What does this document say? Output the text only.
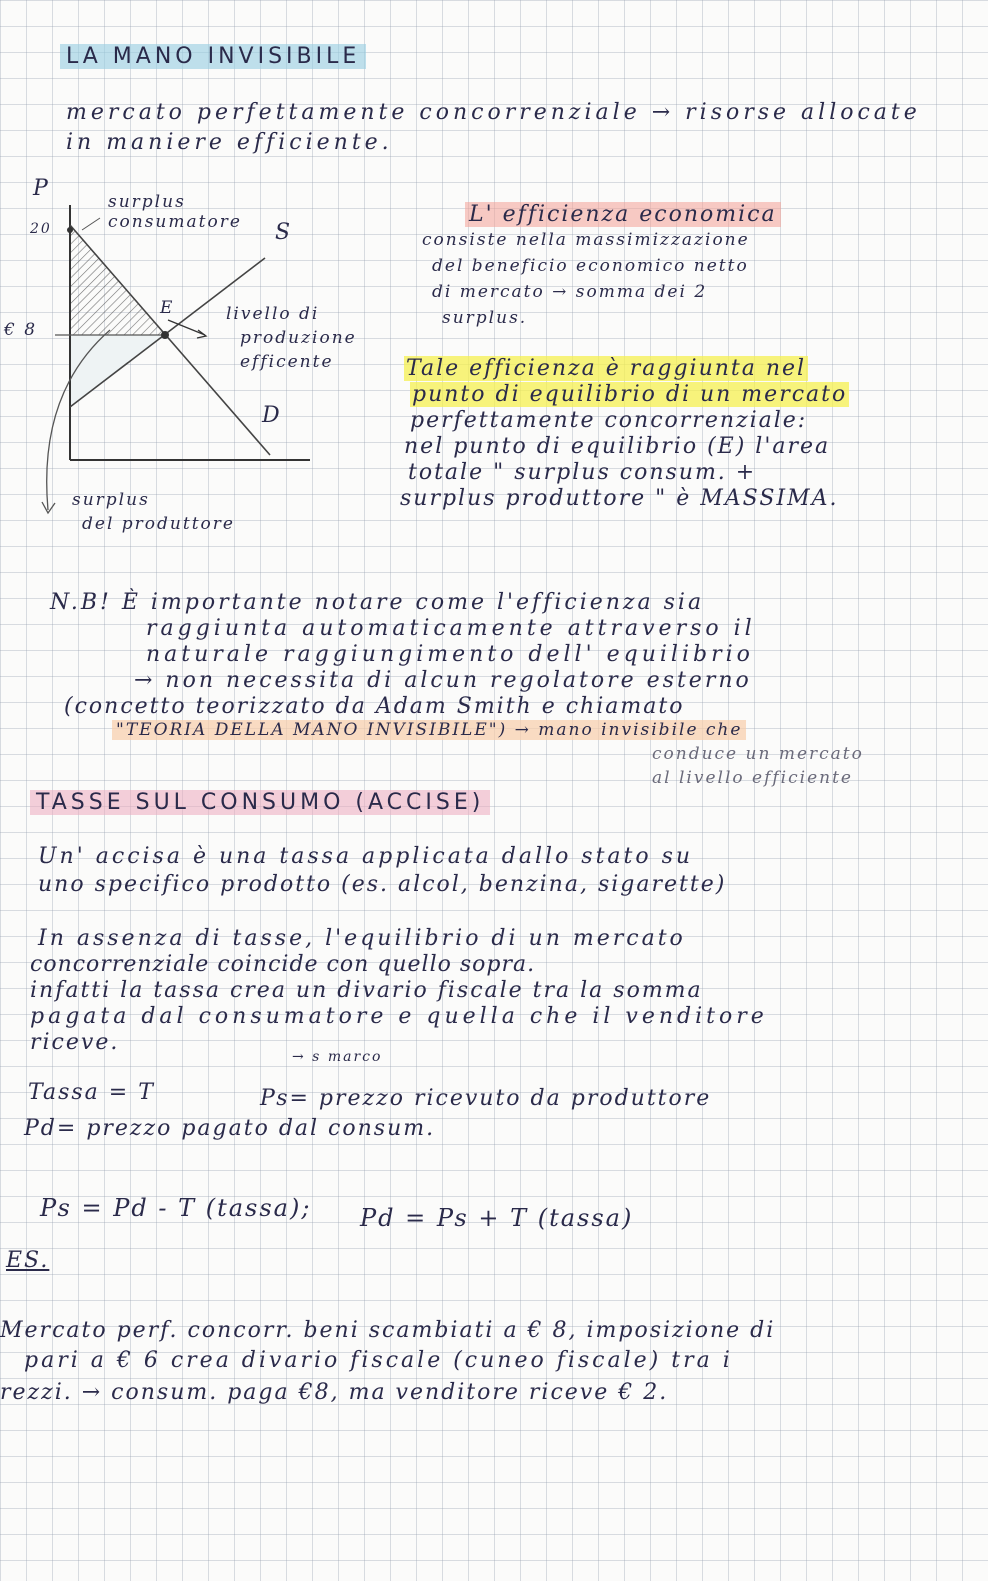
LA MANO INVISIBILE
mercato perfettamente concorrenziale → risorse allocate
in maniere efficiente.
P
20
€ 8
surplus consumatore	S
E	livello di
produzione
efficente
D
surplus
del produttore
L' efficienza economica
consiste nella massimizzazione
del beneficio economico netto
di mercato → somma dei 2
surplus.
Tale efficienza è raggiunta nel
punto di equilibrio di un mercato
perfettamente concorrenziale:
nel punto di equilibrio (E) l'area
totale " surplus consum. +
surplus produttore " è MASSIMA.
N.B! È importante notare come l'efficienza sia
raggiunta automaticamente attraverso il
naturale raggiungimento dell' equilibrio
→ non necessita di alcun regolatore esterno
(concetto teorizzato da Adam Smith e chiamato
"TEORIA DELLA MANO INVISIBILE") → mano invisibile che
conduce un mercato
al livello efficiente
TASSE SUL CONSUMO (ACCISE)
Un' accisa è una tassa applicata dallo stato su
uno specifico prodotto (es. alcol, benzina, sigarette)
In assenza di tasse, l'equilibrio di un mercato
concorrenziale coincide con quello sopra.
infatti la tassa crea un divario fiscale tra la somma
pagata dal consumatore e quella che il venditore
riceve.
→ s marco
Tassa = T	Ps= prezzo ricevuto da produttore
Pd= prezzo pagato dal consum.
Ps = Pd - T (tassa); Pd = Ps + T (tassa)
ES.
Mercato perf. concorr. beni scambiati a € 8, imposizione di
pari a € 6 crea divario fiscale (cuneo fiscale) tra i
rezzi. → consum. paga €8, ma venditore riceve € 2.
